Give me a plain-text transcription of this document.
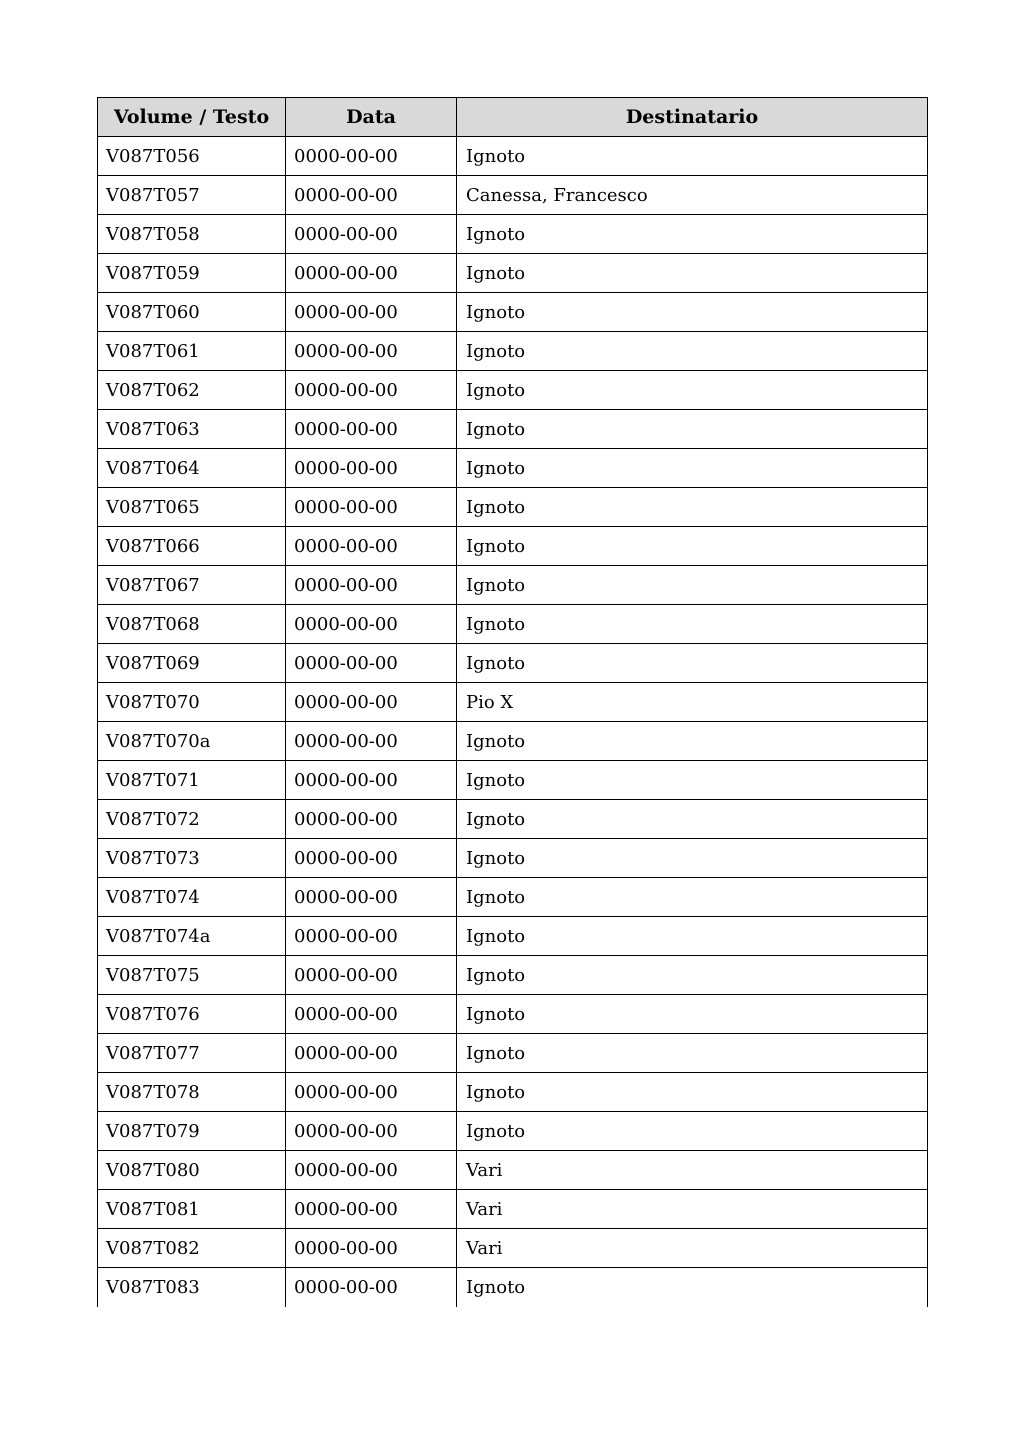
Volume / Testo	Data	Destinatario
V087T056	0000-00-00	Ignoto
V087T057	0000-00-00	Canessa, Francesco
V087T058	0000-00-00	Ignoto
V087T059	0000-00-00	Ignoto
V087T060	0000-00-00	Ignoto
V087T061	0000-00-00	Ignoto
V087T062	0000-00-00	Ignoto
V087T063	0000-00-00	Ignoto
V087T064	0000-00-00	Ignoto
V087T065	0000-00-00	Ignoto
V087T066	0000-00-00	Ignoto
V087T067	0000-00-00	Ignoto
V087T068	0000-00-00	Ignoto
V087T069	0000-00-00	Ignoto
V087T070	0000-00-00	Pio X
V087T070a	0000-00-00	Ignoto
V087T071	0000-00-00	Ignoto
V087T072	0000-00-00	Ignoto
V087T073	0000-00-00	Ignoto
V087T074	0000-00-00	Ignoto
V087T074a	0000-00-00	Ignoto
V087T075	0000-00-00	Ignoto
V087T076	0000-00-00	Ignoto
V087T077	0000-00-00	Ignoto
V087T078	0000-00-00	Ignoto
V087T079	0000-00-00	Ignoto
V087T080	0000-00-00	Vari
V087T081	0000-00-00	Vari
V087T082	0000-00-00	Vari
V087T083	0000-00-00	Ignoto
